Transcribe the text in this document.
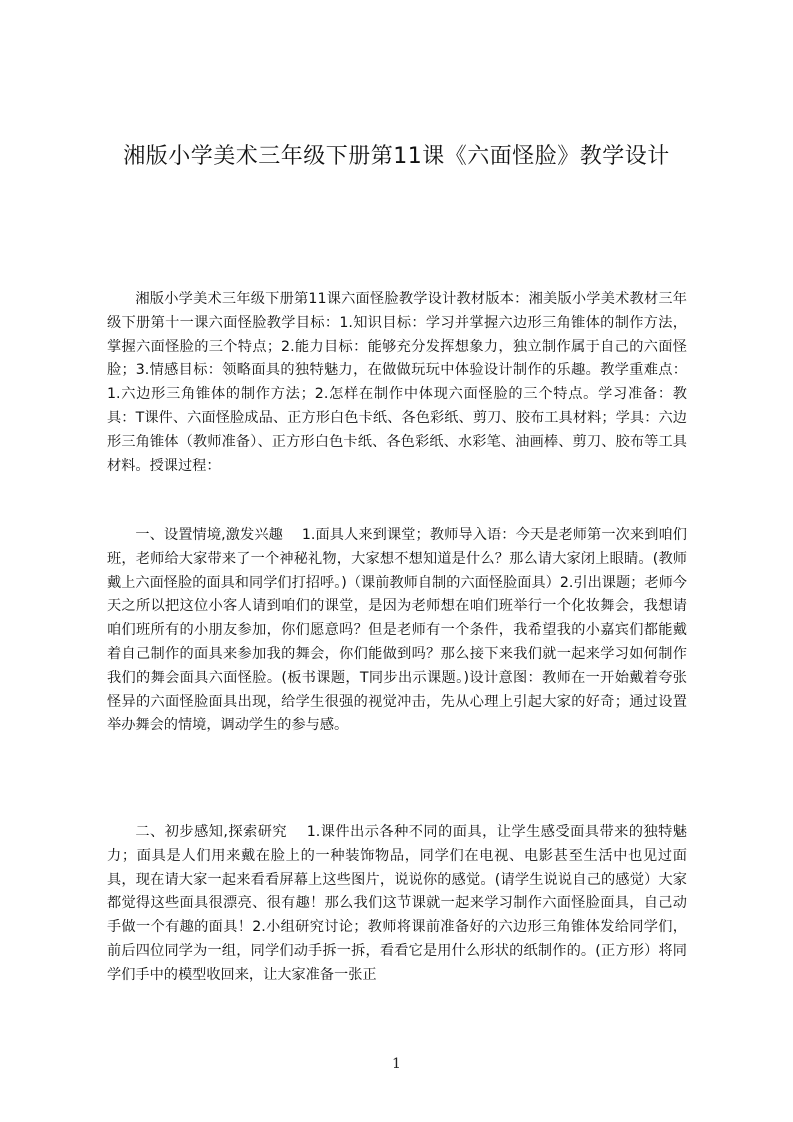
湘版小学美术三年级下册第11课《六面怪脸》教学设计

湘版小学美术三年级下册第11课六面怪脸教学设计教材版本：湘美版小学美术教材三年级下册第十一课六面怪脸教学目标：1.知识目标：学习并掌握六边形三角锥体的制作方法，掌握六面怪脸的三个特点；2.能力目标：能够充分发挥想象力，独立制作属于自己的六面怪脸；3.情感目标：领略面具的独特魅力，在做做玩玩中体验设计制作的乐趣。教学重难点：1.六边形三角锥体的制作方法；2.怎样在制作中体现六面怪脸的三个特点。学习准备：教具：T课件、六面怪脸成品、正方形白色卡纸、各色彩纸、剪刀、胶布工具材料；学具：六边形三角锥体（教师准备）、正方形白色卡纸、各色彩纸、水彩笔、油画棒、剪刀、胶布等工具材料。授课过程：

一、设置情境,激发兴趣　 1.面具人来到课堂；教师导入语：今天是老师第一次来到咱们班，老师给大家带来了一个神秘礼物，大家想不想知道是什么？那么请大家闭上眼睛。(教师戴上六面怪脸的面具和同学们打招呼。)（课前教师自制的六面怪脸面具）2.引出课题；老师今天之所以把这位小客人请到咱们的课堂，是因为老师想在咱们班举行一个化妆舞会，我想请咱们班所有的小朋友参加，你们愿意吗？但是老师有一个条件，我希望我的小嘉宾们都能戴着自己制作的面具来参加我的舞会，你们能做到吗？那么接下来我们就一起来学习如何制作我们的舞会面具六面怪脸。(板书课题，T同步出示课题。)设计意图：教师在一开始戴着夸张怪异的六面怪脸面具出现，给学生很强的视觉冲击，先从心理上引起大家的好奇；通过设置举办舞会的情境，调动学生的参与感。

二、初步感知,探索研究　 1.课件出示各种不同的面具，让学生感受面具带来的独特魅力；面具是人们用来戴在脸上的一种装饰物品，同学们在电视、电影甚至生活中也见过面具，现在请大家一起来看看屏幕上这些图片，说说你的感觉。(请学生说说自己的感觉）大家都觉得这些面具很漂亮、很有趣！那么我们这节课就一起来学习制作六面怪脸面具，自己动手做一个有趣的面具！2.小组研究讨论；教师将课前准备好的六边形三角锥体发给同学们，前后四位同学为一组，同学们动手拆一拆，看看它是用什么形状的纸制作的。(正方形）将同学们手中的模型收回来，让大家准备一张正

1
